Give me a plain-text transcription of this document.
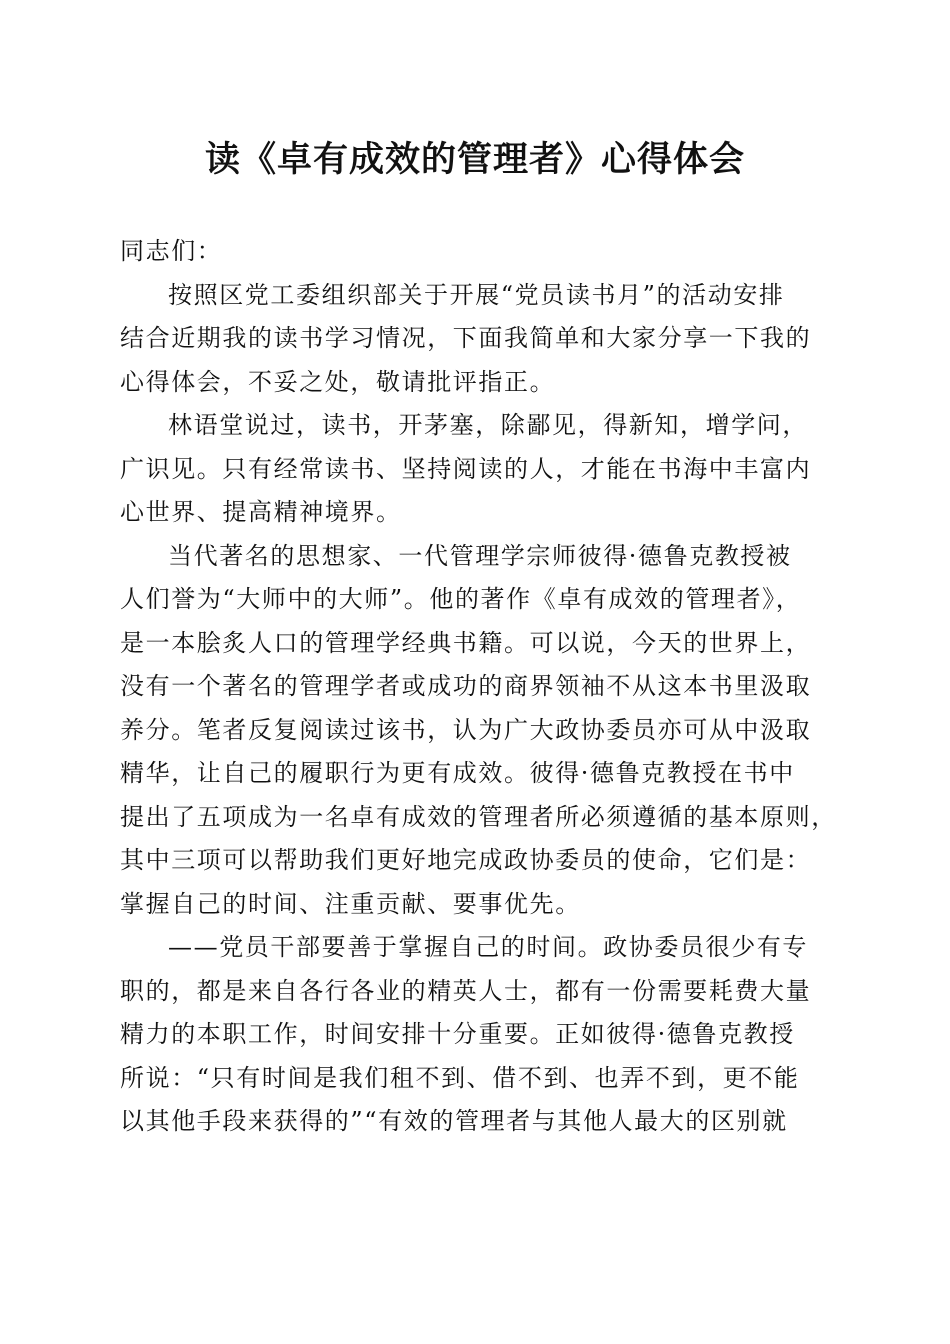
读《卓有成效的管理者》心得体会

同志们：

按照区党工委组织部关于开展“党员读书月”的活动安排
结合近期我的读书学习情况，下面我简单和大家分享一下我的
心得体会，不妥之处，敬请批评指正。

林语堂说过，读书，开茅塞，除鄙见，得新知，增学问，
广识见。只有经常读书、坚持阅读的人，才能在书海中丰富内
心世界、提高精神境界。

当代著名的思想家、一代管理学宗师彼得·德鲁克教授被
人们誉为“大师中的大师”。他的著作《卓有成效的管理者》，
是一本脍炙人口的管理学经典书籍。可以说，今天的世界上，
没有一个著名的管理学者或成功的商界领袖不从这本书里汲取
养分。笔者反复阅读过该书，认为广大政协委员亦可从中汲取
精华，让自己的履职行为更有成效。彼得·德鲁克教授在书中
提出了五项成为一名卓有成效的管理者所必须遵循的基本原则，
其中三项可以帮助我们更好地完成政协委员的使命，它们是：
掌握自己的时间、注重贡献、要事优先。

——党员干部要善于掌握自己的时间。政协委员很少有专
职的，都是来自各行各业的精英人士，都有一份需要耗费大量
精力的本职工作，时间安排十分重要。正如彼得·德鲁克教授
所说：“只有时间是我们租不到、借不到、也弄不到，更不能
以其他手段来获得的”“有效的管理者与其他人最大的区别就
